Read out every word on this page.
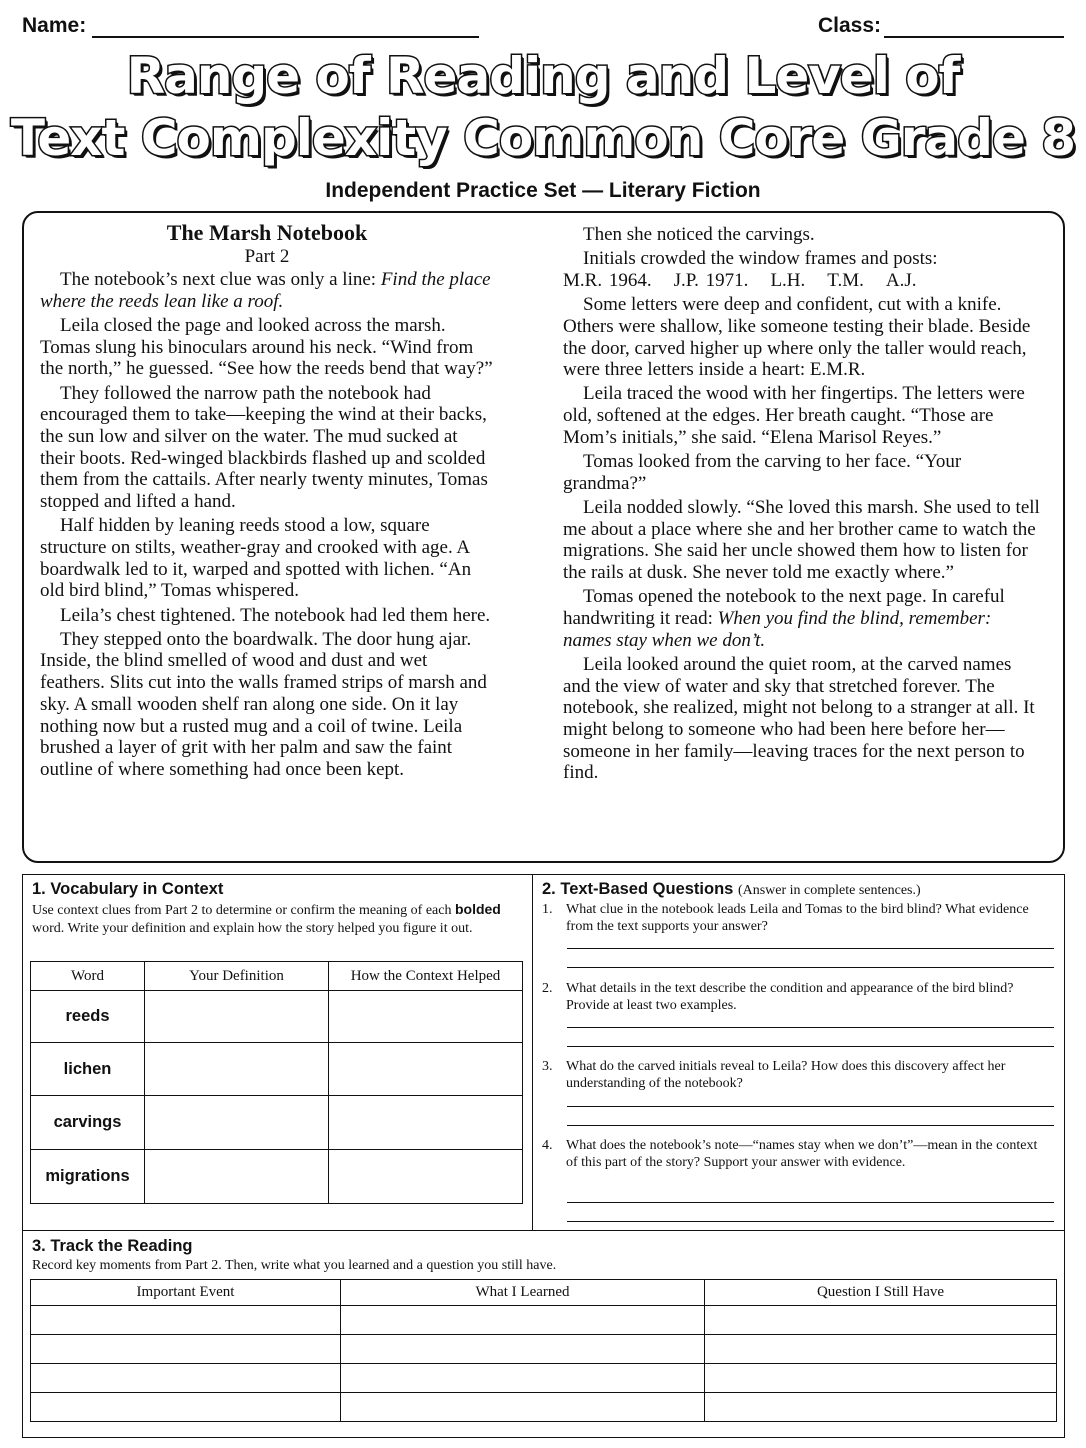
Name:	Class:
Range of Reading and Level of
Text Complexity Common Core Grade 8
Independent Practice Set — Literary Fiction
The Marsh Notebook
Part 2

The notebook’s next clue was only a line: Find the place where the reeds lean like a roof.

Leila closed the page and looked across the marsh. Tomas slung his binoculars around his neck. “Wind from the north,” he guessed. “See how the reeds bend that way?”

They followed the narrow path the notebook had encouraged them to take—keeping the wind at their backs, the sun low and silver on the water. The mud sucked at their boots. Red-winged blackbirds flashed up and scolded them from the cattails. After nearly twenty minutes, Tomas stopped and lifted a hand.

Half hidden by leaning reeds stood a low, square structure on stilts, weather-gray and crooked with age. A boardwalk led to it, warped and spotted with lichen. “An old bird blind,” Tomas whispered.

Leila’s chest tightened. The notebook had led them here.

They stepped onto the boardwalk. The door hung ajar. Inside, the blind smelled of wood and dust and wet feathers. Slits cut into the walls framed strips of marsh and sky. A small wooden shelf ran along one side. On it lay nothing now but a rusted mug and a coil of twine. Leila brushed a layer of grit with her palm and saw the faint outline of where something had once been kept.

Then she noticed the carvings.

Initials crowded the window frames and posts:

M.R. 1964. J.P. 1971. L.H. T.M. A.J.

Some letters were deep and confident, cut with a knife. Others were shallow, like someone testing their blade. Beside the door, carved higher up where only the taller would reach, were three letters inside a heart: E.M.R.

Leila traced the wood with her fingertips. The letters were old, softened at the edges. Her breath caught. “Those are Mom’s initials,” she said. “Elena Marisol Reyes.”

Tomas looked from the carving to her face. “Your grandma?”

Leila nodded slowly. “She loved this marsh. She used to tell me about a place where she and her brother came to watch the migrations. She said her uncle showed them how to listen for the rails at dusk. She never told me exactly where.”

Tomas opened the notebook to the next page. In careful handwriting it read: When you find the blind, remember: names stay when we don’t.

Leila looked around the quiet room, at the carved names and the view of water and sky that stretched forever. The notebook, she realized, might not belong to a stranger at all. It might belong to someone who had been here before her—someone in her family—leaving traces for the next person to find.

1. Vocabulary in Context
Use context clues from Part 2 to determine or confirm the meaning of each bolded word. Write your definition and explain how the story helped you figure it out.
Word	Your Definition	How the Context Helped
reeds		
lichen		
carvings		
migrations		
2. Text-Based Questions (Answer in complete sentences.)
1. What clue in the notebook leads Leila and Tomas to the bird blind? What evidence from the text supports your answer?
2. What details in the text describe the condition and appearance of the bird blind? Provide at least two examples.
3. What do the carved initials reveal to Leila? How does this discovery affect her understanding of the notebook?
4. What does the notebook’s note—“names stay when we don’t”—mean in the context of this part of the story? Support your answer with evidence.
3. Track the Reading
Record key moments from Part 2. Then, write what you learned and a question you still have.
Important Event	What I Learned	Question I Still Have
